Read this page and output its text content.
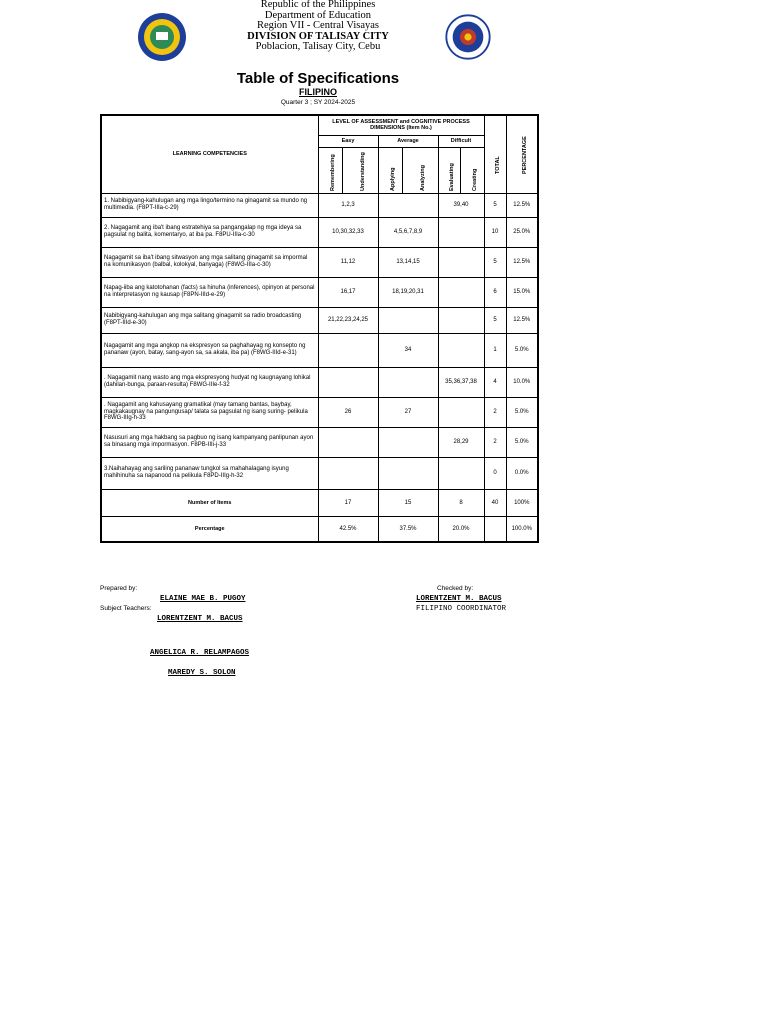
Republic of the Philippines
Department of Education
Region VII - Central Visayas
DIVISION OF TALISAY CITY
Poblacion, Talisay City, Cebu
Table of Specifications
FILIPINO
Quarter 3 ; SY 2024-2025
LEARNING COMPETENCIES	LEVEL OF ASSESSMENT and COGNITIVE PROCESS DIMENSIONS (Item No.)						TOTAL	PERCENTAGE

	Easy		Average		Difficult			

	Remembering	Understanding	Applying	Analyzing	Evaluating	Creating		

1. Nabibigyang-kahulugan ang mga lingo/termino na ginagamit sa mundo ng multimedia. (F8PT-IIIa-c-29)	1,2,3				39,40		5	12.5%
2. Nagagamit ang iba't ibang estratehiya sa pangangalap ng mga ideya sa pagsulat ng balita, komentaryo, at iba pa. F8PU-IIIa-c-30	10,30,32,33		4,5,6,7,8,9				10	25.0%
Nagagamit sa iba't ibang sitwasyon ang mga salitang ginagamit sa impormal na komunikasyon (balbal, kolokyal, banyaga) (F8WG-IIIa-c-30)	11,12		13,14,15				5	12.5%
Napag-iiba ang katotohanan (facts) sa hinuha (inferences), opinyon at personal na interpretasyon ng kausap (F8PN-IIId-e-29)	16,17		18,19,20,31				6	15.0%
Nabibigyang-kahulugan ang mga salitang ginagamit sa radio broadcasting (F8PT-IIId-e-30)	21,22,23,24,25						5	12.5%
Nagagamit ang mga angkop na ekspresyon sa paghahayag ng konsepto ng pananaw (ayon, batay, sang-ayon sa, sa akala, iba pa) (F8WG-IIId-e-31)			34				1	5.0%
. Nagagamit nang wasto ang mga ekspresyong hudyat ng kaugnayang lohikal (dahilan-bunga, paraan-resulta) F8WG-IIIe-f-32					35,36,37,38		4	10.0%
. Nagagamit ang kahusayang gramatikal (may tamang bantas, baybay, magkakaugnay na pangungusap/ talata sa pagsulat ng isang suring- pelikula F8WG-IIIg-h-33	26		27				2	5.0%
Nasusuri ang mga hakbang sa pagbuo ng isang kampanyang panlipunan ayon sa binasang mga impormasyon. F8PB-IIIi-j-33					28,29		2	5.0%
3.Naihahayag ang sariling pananaw tungkol sa mahahalagang isyung mahihinuha sa napanood na pelikula F8PD-IIIg-h-32							0	0.0%
Number of Items	17		15		8		40	100%
Percentage	42.5%		37.5%		20.0%			100.0%
Prepared by:
ELAINE MAE B. PUGOY
Subject Teachers:
LORENTZENT M. BACUS
ANGELICA R. RELAMPAGOS
MAREDY S. SOLON
Checked by:
LORENTZENT M. BACUS
FILIPINO COORDINATOR
